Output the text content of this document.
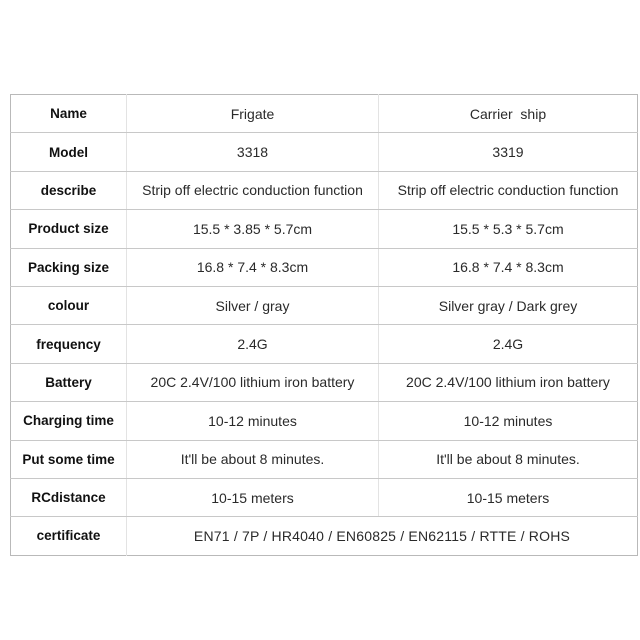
Name	Frigate	Carrier  ship
Model	3318	3319
describe	Strip off electric conduction function	Strip off electric conduction function
Product size	15.5 * 3.85 * 5.7cm	15.5 * 5.3 * 5.7cm
Packing size	16.8 * 7.4 * 8.3cm	16.8 * 7.4 * 8.3cm
colour	Silver / gray	Silver gray / Dark grey
frequency	2.4G	2.4G
Battery	20C 2.4V/100 lithium iron battery	20C 2.4V/100 lithium iron battery
Charging time	10-12 minutes	10-12 minutes
Put some time	It'll be about 8 minutes.	It'll be about 8 minutes.
RCdistance	10-15 meters	10-15 meters
certificate	EN71 / 7P / HR4040 / EN60825 / EN62115 / RTTE / ROHS	
